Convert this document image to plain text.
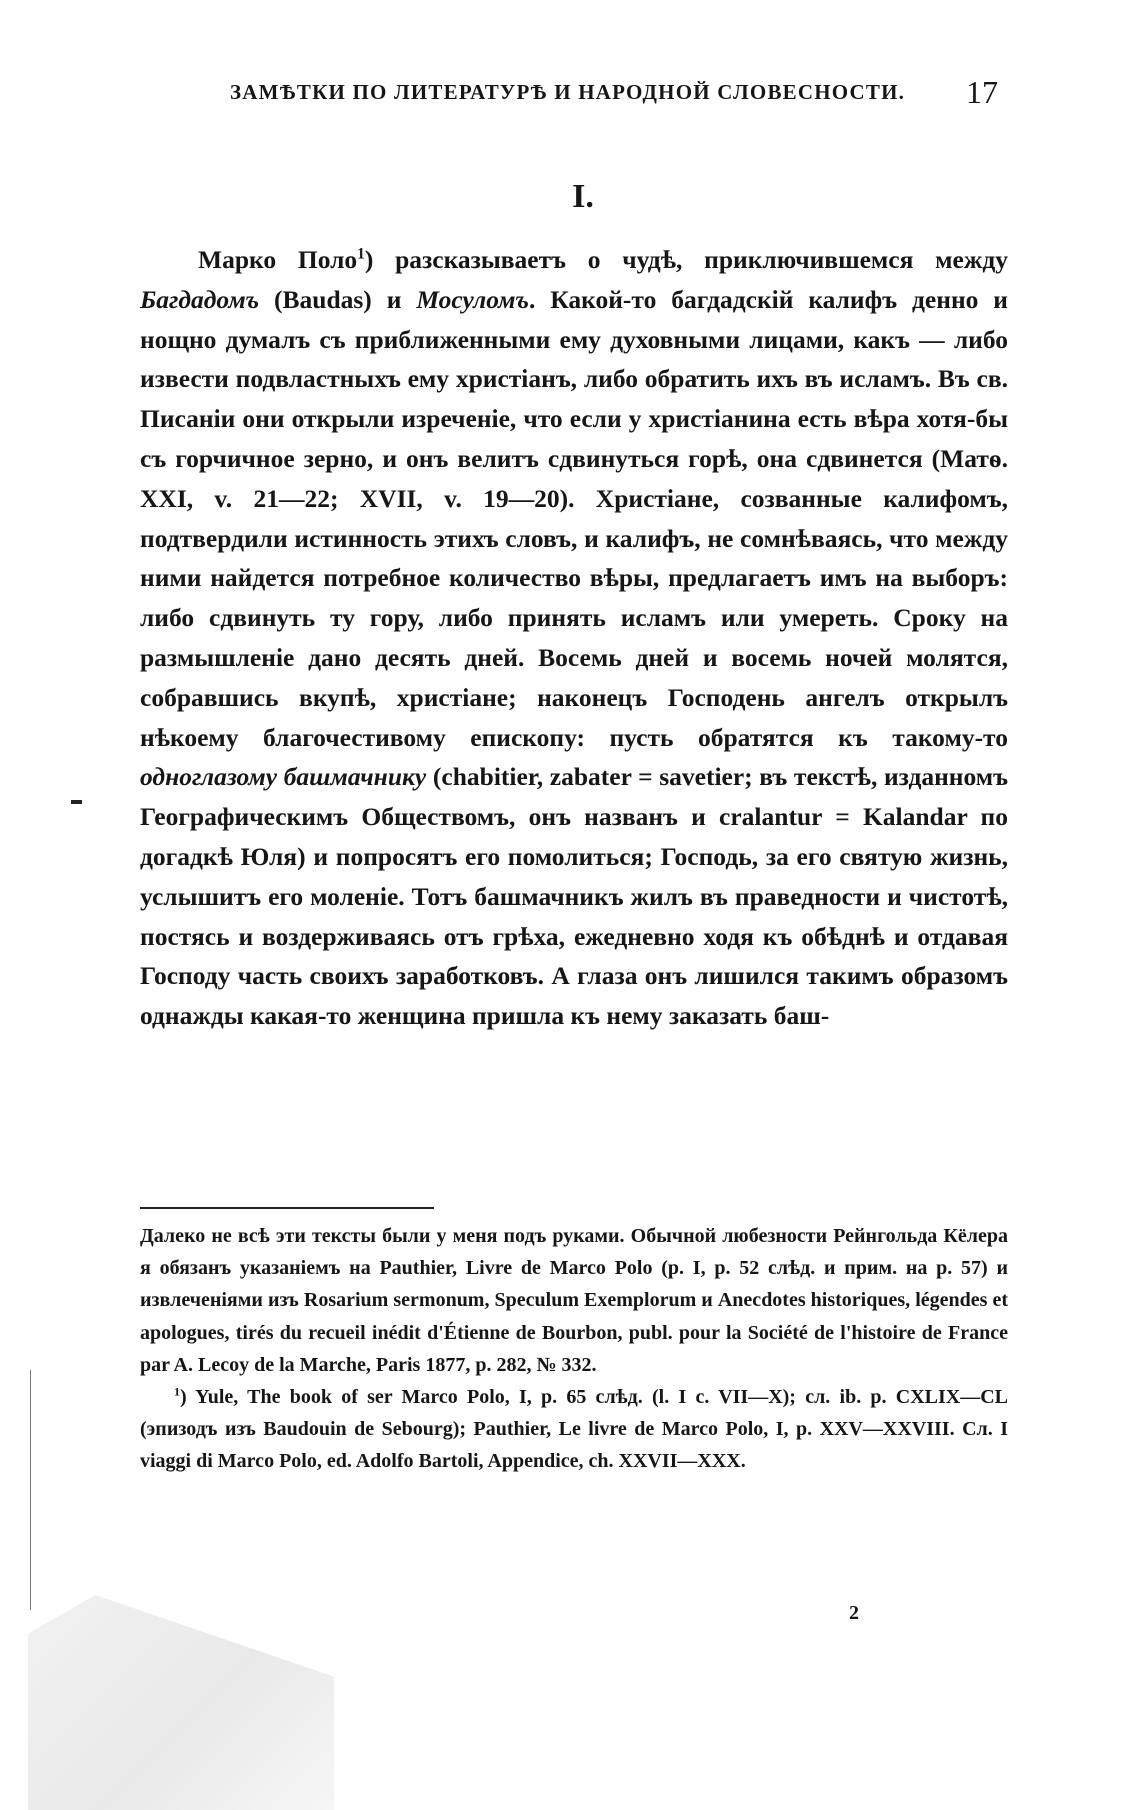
ЗАМѢТКИ ПО ЛИТЕРАТУРѢ И НАРОДНОЙ СЛОВЕСНОСТИ. 17
I.

Марко Поло$^1$) разсказываетъ о чудѣ, приключившемся между Багдадомъ (Baudas) и Мосуломъ. Какой-то багдадскій калифъ денно и нощно думалъ съ приближенными ему духовными лицами, какъ — либо извести подвластныхъ ему христіанъ, либо обратить ихъ въ исламъ. Въ св. Писаніи они открыли изреченіе, что если у христіанина есть вѣра хотя-бы съ горчичное зерно, и онъ велитъ сдвинуться горѣ, она сдвинется (Матѳ. XXI, v. 21—22; XVII, v. 19—20). Христіане, созванные калифомъ, подтвердили истинность этихъ словъ, и калифъ, не сомнѣваясь, что между ними найдется потребное количество вѣры, предлагаетъ имъ на выборъ: либо сдвинуть ту гору, либо принять исламъ или умереть. Сроку на размышленіе дано десять дней. Восемь дней и восемь ночей молятся, собравшись вкупѣ, христіане; наконецъ Господень ангелъ открылъ нѣкоему благочестивому епископу: пусть обратятся къ такому-то одноглазому башмачнику (chabitier, zabater = savetier; въ текстѣ, изданномъ Географическимъ Обществомъ, онъ названъ и cralantur = Kalandar по догадкѣ Юля) и попросятъ его помолиться; Господь, за его святую жизнь, услышитъ его моленіе. Тотъ башмачникъ жилъ въ праведности и чистотѣ, постясь и воздерживаясь отъ грѣха, ежедневно ходя къ обѣднѣ и отдавая Господу часть своихъ заработковъ. А глаза онъ лишился такимъ образомъ однажды какая-то женщина пришла къ нему заказать баш-

Далеко не всѣ эти тексты были у меня подъ руками. Обычной любезности Рейнгольда Кёлера я обязанъ указаніемъ на Pauthier, Livre de Marco Polo (p. I, p. 52 слѣд. и прим. на р. 57) и извлеченіями изъ Rosarium sermonum, Speculum Exemplorum и Anecdotes historiques, légendes et apologues, tirés du recueil inédit d'Étienne de Bourbon, publ. pour la Société de l'histoire de France par A. Lecoy de la Marche, Paris 1877, p. 282, № 332.

$^1$) Yule, The book of ser Marco Polo, I, p. 65 слѣд. (l. I c. VII—X); сл. ib. p. CXLIX—CL (эпизодъ изъ Baudouin de Sebourg); Pauthier, Le livre de Marco Polo, I, p. XXV—XXVIII. Сл. I viaggi di Marco Polo, ed. Adolfo Bartoli, Appendice, ch. XXVII—XXX.

2
